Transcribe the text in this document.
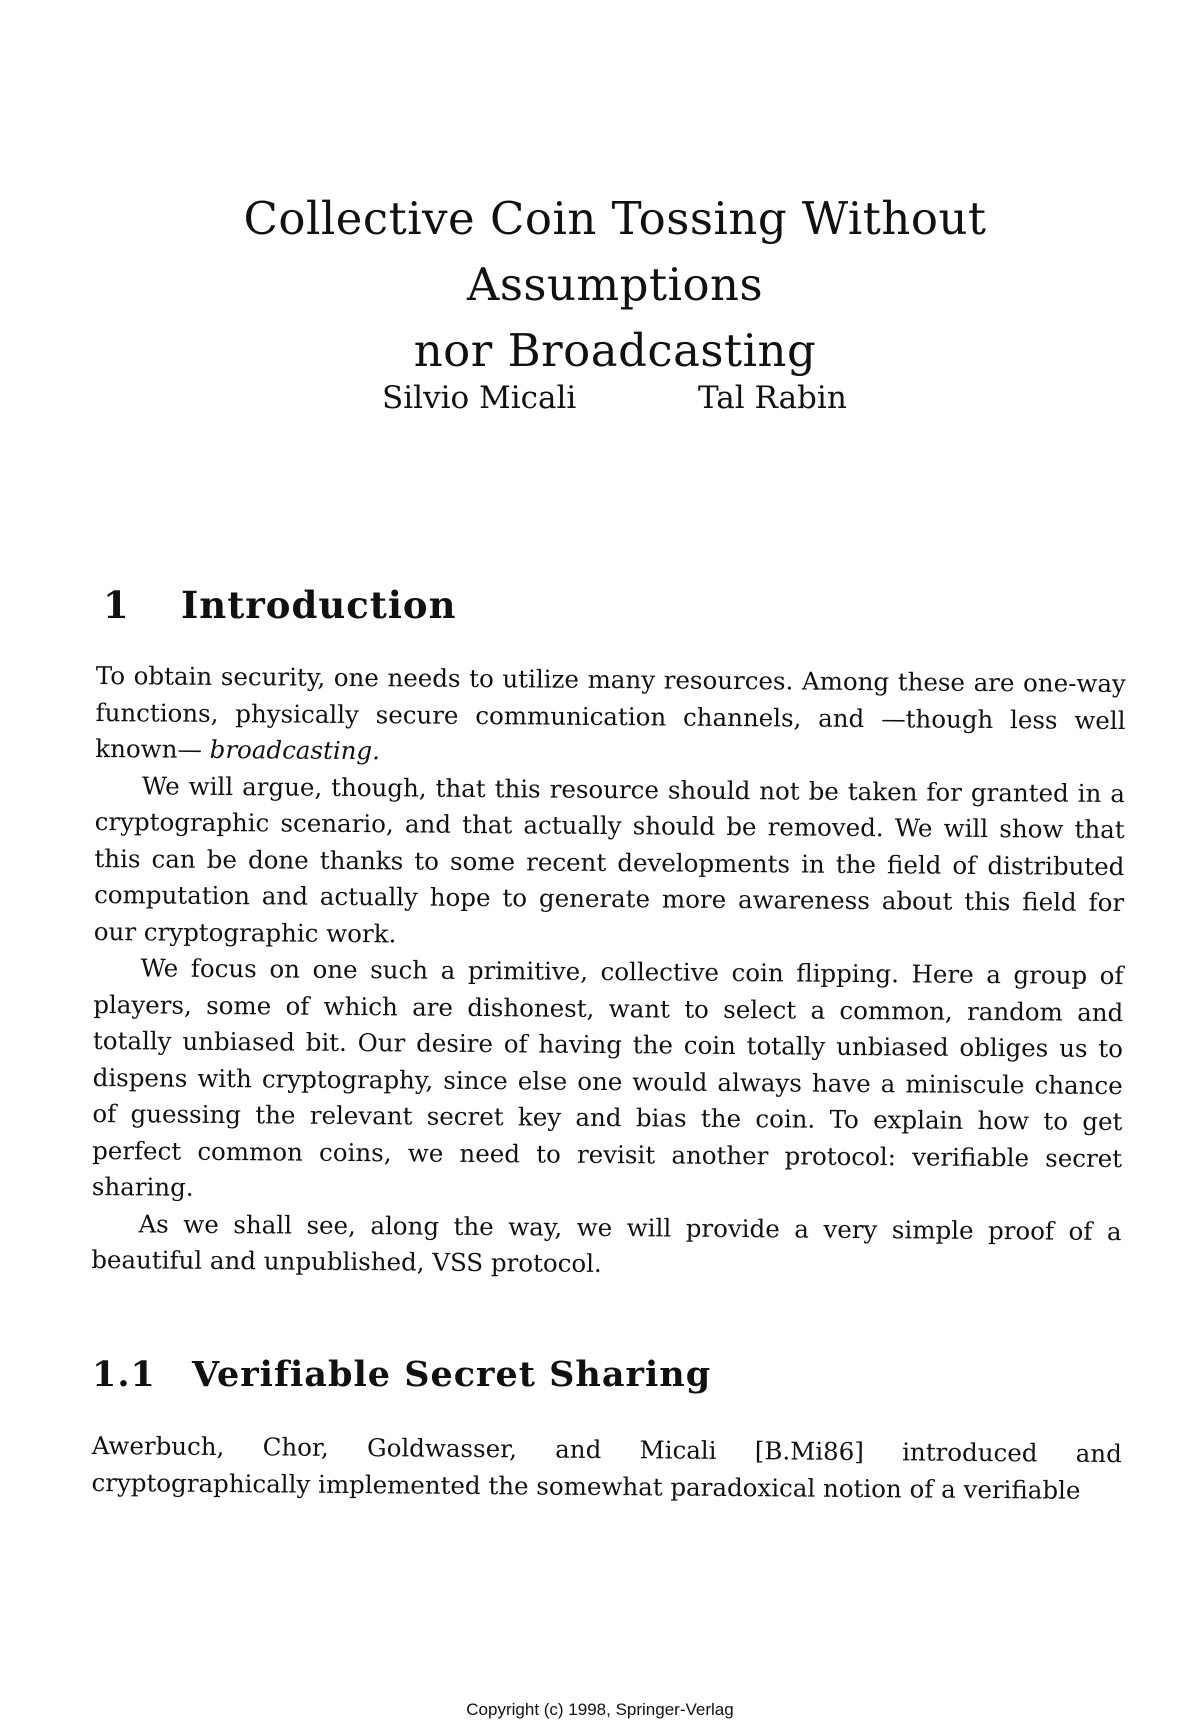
Collective Coin Tossing Without Assumptions
nor Broadcasting
Silvio Micali	Tal Rabin
1 Introduction

To obtain security, one needs to utilize many resources. Among these are one-way functions, physically secure communication channels, and —though less well known— broadcasting.

We will argue, though, that this resource should not be taken for granted in a cryptographic scenario, and that actually should be removed. We will show that this can be done thanks to some recent developments in the field of distributed computation and actually hope to generate more awareness about this field for our cryptographic work.

We focus on one such a primitive, collective coin flipping. Here a group of players, some of which are dishonest, want to select a common, random and totally unbiased bit. Our desire of having the coin totally unbiased obliges us to dispens with cryptography, since else one would always have a miniscule chance of guessing the relevant secret key and bias the coin. To explain how to get perfect common coins, we need to revisit another protocol: verifiable secret sharing.

As we shall see, along the way, we will provide a very simple proof of a beautiful and unpublished, VSS protocol.

1.1 Verifiable Secret Sharing

Awerbuch, Chor, Goldwasser, and Micali [B.Mi86] introduced and cryptographically implemented the somewhat paradoxical notion of a verifiable

Copyright (c) 1998, Springer-Verlag
